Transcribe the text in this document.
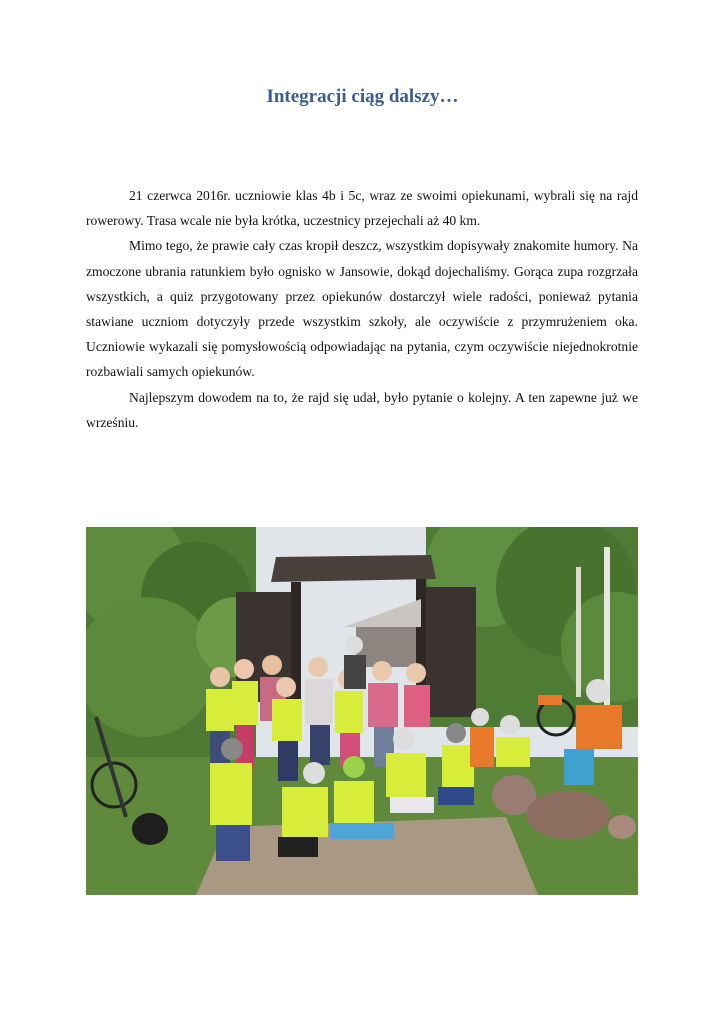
Integracji ciąg dalszy…

21 czerwca 2016r. uczniowie klas 4b i 5c, wraz ze swoimi opiekunami, wybrali się na rajd rowerowy. Trasa wcale nie była krótka, uczestnicy przejechali aż 40 km.

Mimo tego, że prawie cały czas kropił deszcz, wszystkim dopisywały znakomite humory. Na zmoczone ubrania ratunkiem było ognisko w Jansowie, dokąd dojechaliśmy. Gorąca zupa rozgrzała wszystkich, a quiz przygotowany przez opiekunów dostarczył wiele radości, ponieważ pytania stawiane uczniom dotyczyły przede wszystkim szkoły, ale oczywiście z przymrużeniem oka. Uczniowie wykazali się pomysłowością odpowiadając na pytania, czym oczywiście niejednokrotnie rozbawiali samych opiekunów.

Najlepszym dowodem na to, że rajd się udał, było pytanie o kolejny. A ten zapewne już we wrześniu.
